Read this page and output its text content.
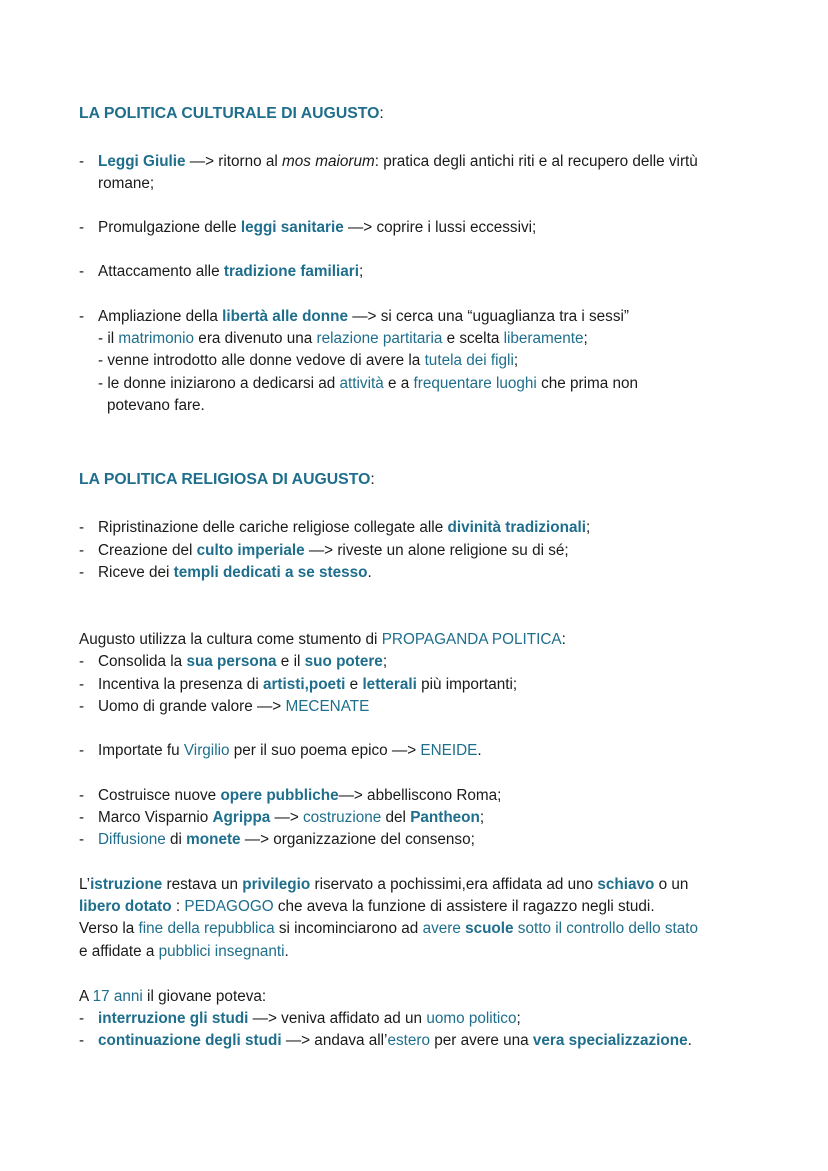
LA POLITICA CULTURALE DI AUGUSTO:
- Leggi Giulie —> ritorno al mos maiorum: pratica degli antichi riti e al recupero delle virtù
romane;
- Promulgazione delle leggi sanitarie —> coprire i lussi eccessivi;
- Attaccamento alle tradizione familiari;
- Ampliazione della libertà alle donne —> si cerca una “uguaglianza tra i sessi”
- il matrimonio era divenuto una relazione partitaria e scelta liberamente;
- venne introdotto alle donne vedove di avere la tutela dei figli;
- le donne iniziarono a dedicarsi ad attività e a frequentare luoghi che prima non
potevano fare.
LA POLITICA RELIGIOSA DI AUGUSTO:
- Ripristinazione delle cariche religiose collegate alle divinità tradizionali;
- Creazione del culto imperiale —> riveste un alone religione su di sé;
- Riceve dei templi dedicati a se stesso.
Augusto utilizza la cultura come stumento di PROPAGANDA POLITICA:
- Consolida la sua persona e il suo potere;
- Incentiva la presenza di artisti,poeti e letterali più importanti;
- Uomo di grande valore —> MECENATE
- Importate fu Virgilio per il suo poema epico —> ENEIDE.
- Costruisce nuove opere pubbliche—> abbelliscono Roma;
- Marco Visparnio Agrippa —> costruzione del Pantheon;
- Diffusione di monete —> organizzazione del consenso;
L’istruzione restava un privilegio riservato a pochissimi,era affidata ad uno schiavo o un
libero dotato : PEDAGOGO che aveva la funzione di assistere il ragazzo negli studi.
Verso la fine della repubblica si incominciarono ad avere scuole sotto il controllo dello stato
e affidate a pubblici insegnanti.
A 17 anni il giovane poteva:
- interruzione gli studi —> veniva affidato ad un uomo politico;
- continuazione degli studi —> andava all’estero per avere una vera specializzazione.
